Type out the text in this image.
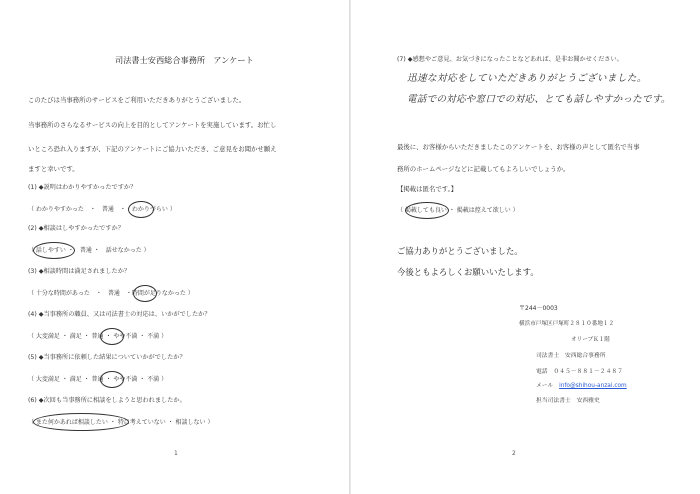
司法書士安西総合事務所　アンケート
このたびは当事務所のサービスをご利用いただきありがとうございました。
当事務所のさらなるサービスの向上を目的としてアンケートを実施しています。お忙し
いところ恐れ入りますが、下記のアンケートにご協力いただき、ご意見をお聞かせ願え
ますと幸いです。
(1) ◆説明はわかりやすかったですか？
（ わかりやすかった　・　普通　・　わかりづらい ）
(2) ◆相談はしやすかったですか？
（ 話しやすい ・　普通 ・　話せなかった ）
(3) ◆相談時間は満足されましたか？
（ 十分な時間があった　・　普通　・時間が足りなかった ）
(4) ◆当事務所の職員、又は司法書士の対応は、いかがでしたか？
（ 大変満足 ・ 満足 ・ 普通 ・ やや不満 ・ 不満 ）
(5) ◆当事務所に依頼した結果についていかがでしたか？
（ 大変満足 ・ 満足 ・ 普通 ・ やや不満 ・ 不満 ）
(6) ◆次回も当事務所に相談をしようと思われましたか。
（ また何かあれば相談したい ・ 特に考えていない ・ 相談しない ）
1
(7) ◆感想やご意見、お気づきになったことなどあれば、是非お聞かせください。
迅速な対応をしていただきありがとうございました。
電話での対応や窓口での対応、とても話しやすかったです。
最後に、お客様からいただきましたこのアンケートを、お客様の声として匿名で当事
務所のホームページなどに記載してもよろしいでしょうか。
【掲載は匿名です。】
（ 掲載しても良い ・ 掲載は控えて欲しい ）
ご協力ありがとうございました。
今後ともよろしくお願いいたします。
〒244－0003
横浜市戸塚区戸塚町２８１０番地１２
オリーブＫ１階
司法書士　安西総合事務所
電話　０４５－８８１－２４８７
メール　info@shihou-anzai.com
担当司法書士　安西雅史
2
